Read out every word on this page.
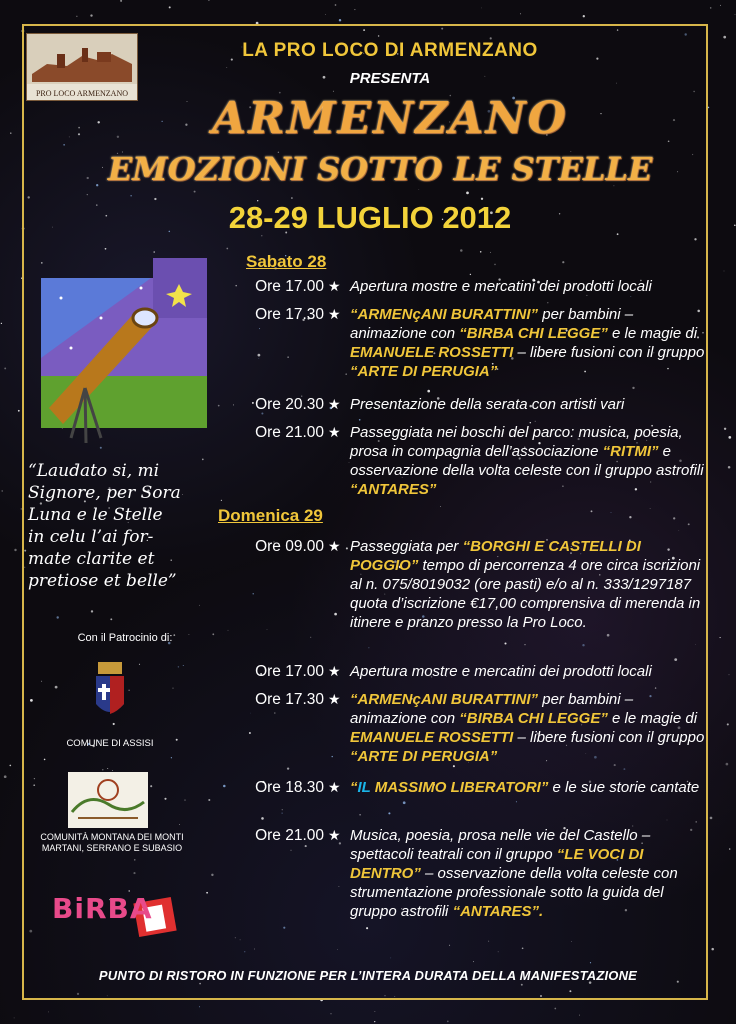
PRO LOCO ARMENZANO
LA PRO LOCO DI ARMENZANO
PRESENTA
ARMENZANO
EMOZIONI SOTTO LE STELLE
28-29 LUGLIO 2012
“Laudato si, mi
Signore, per Sora
Luna e le Stelle
in celu l’ai for-
mate clarite et
pretiose et belle”
Con il Patrocinio di:
COMUNE DI ASSISI
COMUNITÀ MONTANA DEI MONTI
MARTANI, SERRANO E SUBASIO
BiRBA
Sabato 28
Ore 17.00 ★ Apertura mostre e mercatini dei prodotti locali
Ore 17.30 ★ “ARMENçANI BURATTINI” per bambini – animazione con “BIRBA CHI LEGGE” e le magie di EMANUELE ROSSETTI – libere fusioni con il gruppo “ARTE DI PERUGIA”
Ore 20.30 ★ Presentazione della serata con artisti vari
Ore 21.00 ★ Passeggiata nei boschi del parco: musica, poesia, prosa in compagnia dell’associazione “RITMI” e osservazione della volta celeste con il gruppo astrofili “ANTARES”
Domenica 29
Ore 09.00 ★ Passeggiata per “BORGHI E CASTELLI DI POGGIO” tempo di percorrenza 4 ore circa iscrizioni al n. 075/8019032 (ore pasti) e/o al n. 333/1297187 quota d’iscrizione €17,00 comprensiva di merenda in itinere e pranzo presso la Pro Loco.
Ore 17.00 ★ Apertura mostre e mercatini dei prodotti locali
Ore 17.30 ★ “ARMENçANI BURATTINI” per bambini – animazione con “BIRBA CHI LEGGE” e le magie di EMANUELE ROSSETTI – libere fusioni con il gruppo “ARTE DI PERUGIA”
Ore 18.30 ★ “IL MASSIMO LIBERATORI” e le sue storie cantate
Ore 21.00 ★ Musica, poesia, prosa nelle vie del Castello – spettacoli teatrali con il gruppo “LE VOCI DI DENTRO” – osservazione della volta celeste con strumentazione professionale sotto la guida del gruppo astrofili “ANTARES”.
PUNTO DI RISTORO IN FUNZIONE PER L’INTERA DURATA DELLA MANIFESTAZIONE
